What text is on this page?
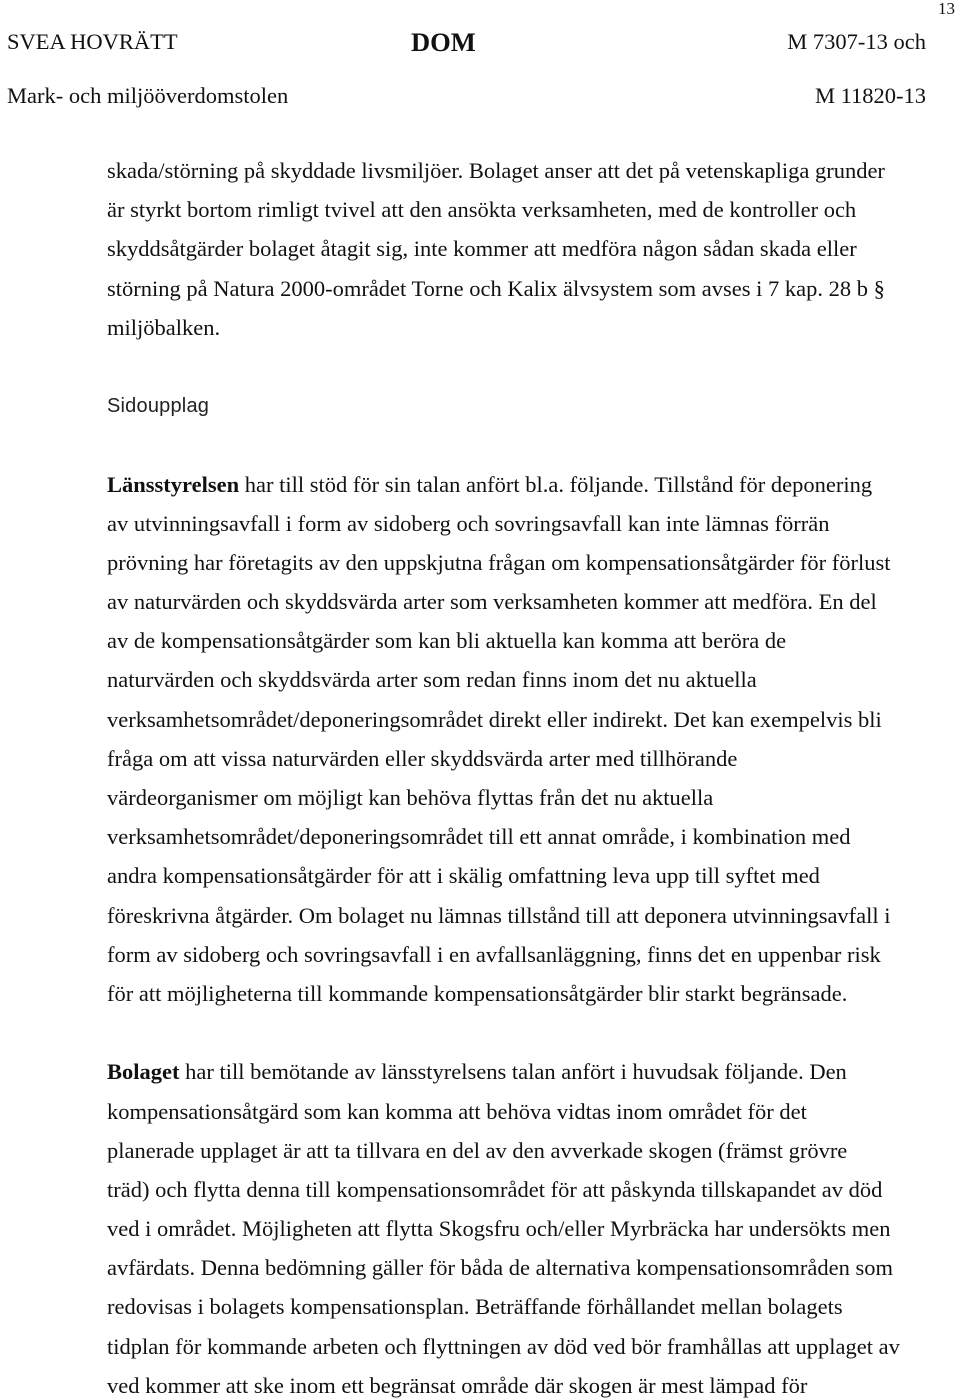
13
SVEA HOVRÄTT
Mark- och miljööverdomstolen
DOM	M 7307-13 och
M 11820-13
skada/störning på skyddade livsmiljöer. Bolaget anser att det på vetenskapliga grunder
är styrkt bortom rimligt tvivel att den ansökta verksamheten, med de kontroller och
skyddsåtgärder bolaget åtagit sig, inte kommer att medföra någon sådan skada eller
störning på Natura 2000-området Torne och Kalix älvsystem som avses i 7 kap. 28 b §
miljöbalken.
Sidoupplag
Länsstyrelsen har till stöd för sin talan anfört bl.a. följande. Tillstånd för deponering
av utvinningsavfall i form av sidoberg och sovringsavfall kan inte lämnas förrän
prövning har företagits av den uppskjutna frågan om kompensationsåtgärder för förlust
av naturvärden och skyddsvärda arter som verksamheten kommer att medföra. En del
av de kompensationsåtgärder som kan bli aktuella kan komma att beröra de
naturvärden och skyddsvärda arter som redan finns inom det nu aktuella
verksamhetsområdet/deponeringsområdet direkt eller indirekt. Det kan exempelvis bli
fråga om att vissa naturvärden eller skyddsvärda arter med tillhörande
värdeorganismer om möjligt kan behöva flyttas från det nu aktuella
verksamhetsområdet/deponeringsområdet till ett annat område, i kombination med
andra kompensationsåtgärder för att i skälig omfattning leva upp till syftet med
föreskrivna åtgärder. Om bolaget nu lämnas tillstånd till att deponera utvinningsavfall i
form av sidoberg och sovringsavfall i en avfallsanläggning, finns det en uppenbar risk
för att möjligheterna till kommande kompensationsåtgärder blir starkt begränsade.
Bolaget har till bemötande av länsstyrelsens talan anfört i huvudsak följande. Den
kompensationsåtgärd som kan komma att behöva vidtas inom området för det
planerade upplaget är att ta tillvara en del av den avverkade skogen (främst grövre
träd) och flytta denna till kompensationsområdet för att påskynda tillskapandet av död
ved i området. Möjligheten att flytta Skogsfru och/eller Myrbräcka har undersökts men
avfärdats. Denna bedömning gäller för båda de alternativa kompensationsområden som
redovisas i bolagets kompensationsplan. Beträffande förhållandet mellan bolagets
tidplan för kommande arbeten och flyttningen av död ved bör framhållas att upplaget av
ved kommer att ske inom ett begränsat område där skogen är mest lämpad för
